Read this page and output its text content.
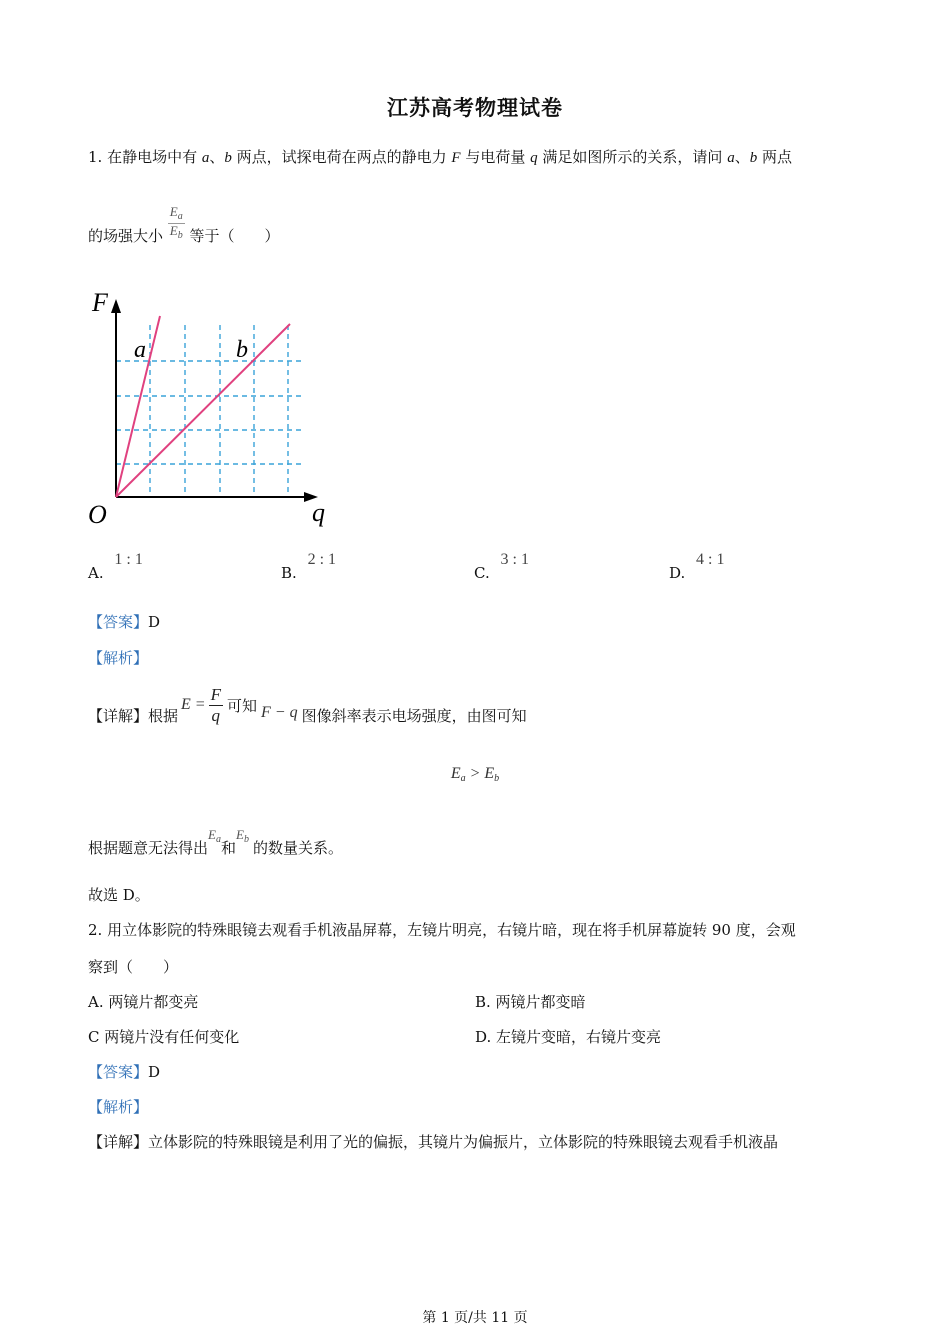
江苏高考物理试卷
1. 在静电场中有 a、b 两点，试探电荷在两点的静电力 F 与电荷量 q 满足如图所示的关系，请问 a、b 两点
的场强大小 $\frac{E_a}{E_b}$ 等于（　　）
F
q
O
a	b
A. 1 : 1
B. 2 : 1
C. 3 : 1
D. 4 : 1
【答案】D
【解析】
【详解】 根据
$E = \frac{F}{q}$ 可知 F − q 图像斜率表示电场强度，由图可知
$E_a > E_b$
根据题意无法得出$E_a$和$E_b$ 的数量关系。
故选 D。
2. 用立体影院的特殊眼镜去观看手机液晶屏幕，左镜片明亮，右镜片暗，现在将手机屏幕旋转 90 度，会观
察到（　　）
A. 两镜片都变亮	B. 两镜片都变暗
C 两镜片没有任何变化	D. 左镜片变暗，右镜片变亮
【答案】D
【解析】
【详解】立体影院的特殊眼镜是利用了光的偏振，其镜片为偏振片，立体影院的特殊眼镜去观看手机液晶
第 1 页/共 11 页
